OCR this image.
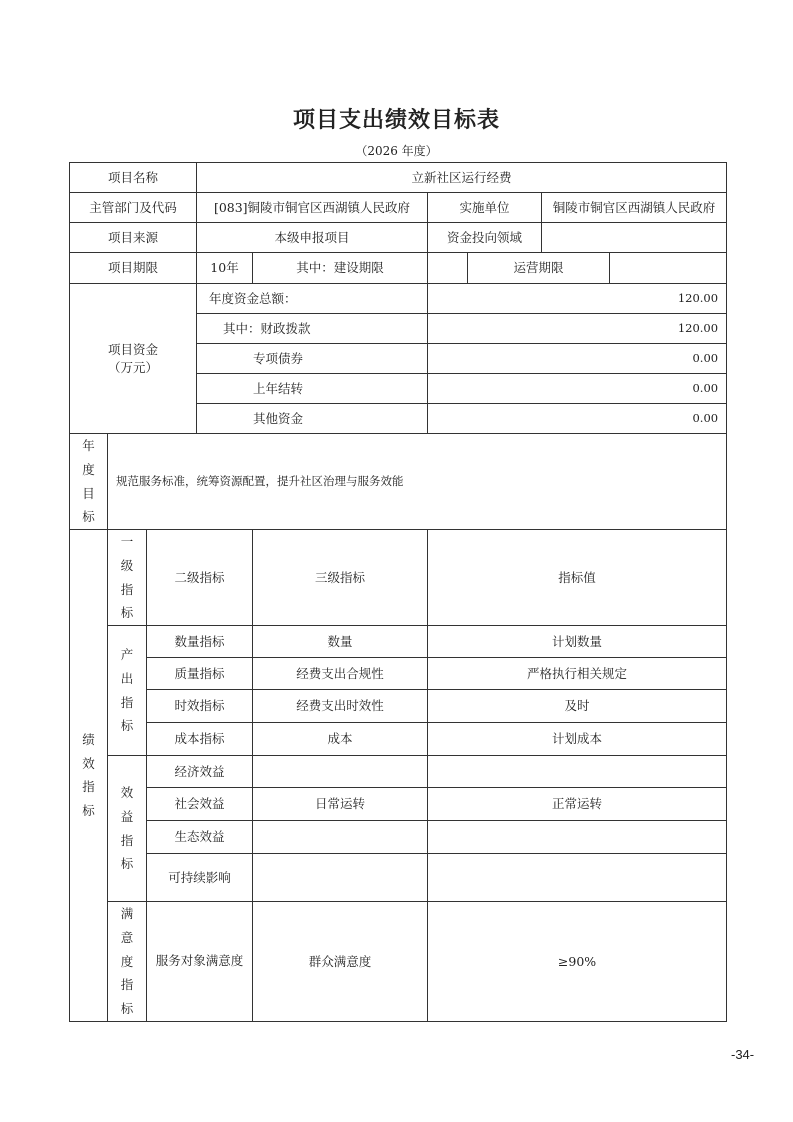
项目支出绩效目标表
（2026 年度）
项目名称			立新社区运行经费					
主管部门及代码			[083]铜陵市铜官区西湖镇人民政府		实施单位		铜陵市铜官区西湖镇人民政府	
项目来源			本级申报项目		资金投向领域			
项目期限			10年	其中：建设期限		运营期限		

项目资金
（万元）			年度资金总额：		120.00			
			其中：财政拨款		120.00			
			专项债券		0.00			
			上年结转		0.00			
			其他资金		0.00			

年度目标	规范服务标准，统筹资源配置，提升社区治理与服务效能							

绩效指标	一级指标	二级指标		三级指标	指标值			

	产出指标	数量指标		数量	计划数量			
		质量指标		经费支出合规性	严格执行相关规定			
		时效指标		经费支出时效性	及时			
		成本指标		成本	计划成本			

	效益指标	经济效益						
		社会效益		日常运转	正常运转			
		生态效益						
		可持续影响						

	满意度指标	服务对象满意度		群众满意度	≥90%			
-34-
